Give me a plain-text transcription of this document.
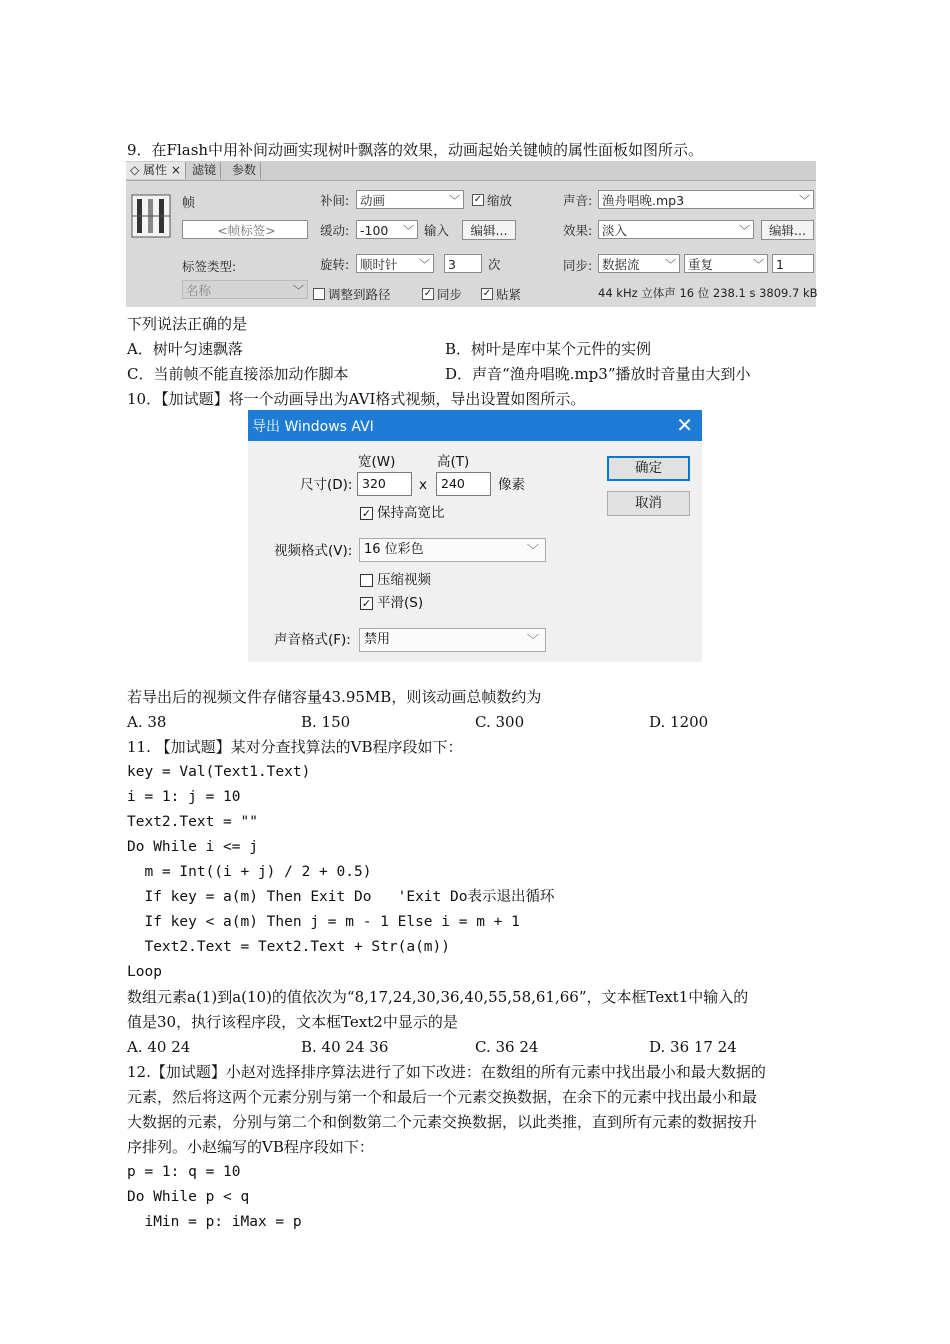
9．在Flash中用补间动画实现树叶飘落的效果，动画起始关键帧的属性面板如图所示。
◇ 属性 × 滤镜	参数
帧
<帧标签>
标签类型:
名称	﹀
补间: 动画	﹀ ✓ 缩放
缓动: -100 ﹀ 输入	编辑...
旋转: 顺时针 ﹀	3	次
调整到路径	✓ 同步 ✓ 贴紧
声音: 渔舟唱晚.mp3	﹀
效果: 淡入	﹀	编辑...
同步: 数据流 ﹀ 重复	﹀ 1
44 kHz 立体声 16 位 238.1 s 3809.7 kB
下列说法正确的是
A．树叶匀速飘落	B．树叶是库中某个元件的实例
C．当前帧不能直接添加动作脚本	D．声音“渔舟唱晚.mp3”播放时音量由大到小
10．【加试题】将一个动画导出为AVI格式视频，导出设置如图所示。
导出 Windows AVI	✕
宽(W)	高(T)
尺寸(D): 320	x	240	像素
✓ 保持高宽比
视频格式(V): 16 位彩色	﹀
压缩视频
✓ 平滑(S)
声音格式(F):	禁用	﹀
确定
取消
若导出后的视频文件存储容量43.95MB，则该动画总帧数约为
A. 38	B. 150	C. 300	D. 1200
11. 【加试题】某对分查找算法的VB程序段如下：
key = Val(Text1.Text)
i = 1: j = 10
Text2.Text = ""
Do While i <= j
m = Int((i + j) / 2 + 0.5)
If key = a(m) Then Exit Do   'Exit Do表示退出循环
If key < a(m) Then j = m - 1 Else i = m + 1
Text2.Text = Text2.Text + Str(a(m))
Loop
数组元素a(1)到a(10)的值依次为“8,17,24,30,36,40,55,58,61,66”，文本框Text1中输入的
值是30，执行该程序段，文本框Text2中显示的是
A. 40 24	B. 40 24 36	C. 36 24	D. 36 17 24
12.【加试题】小赵对选择排序算法进行了如下改进：在数组的所有元素中找出最小和最大数据的
元素，然后将这两个元素分别与第一个和最后一个元素交换数据，在余下的元素中找出最小和最
大数据的元素，分别与第二个和倒数第二个元素交换数据，以此类推，直到所有元素的数据按升
序排列。小赵编写的VB程序段如下：
p = 1: q = 10
Do While p < q
iMin = p: iMax = p
